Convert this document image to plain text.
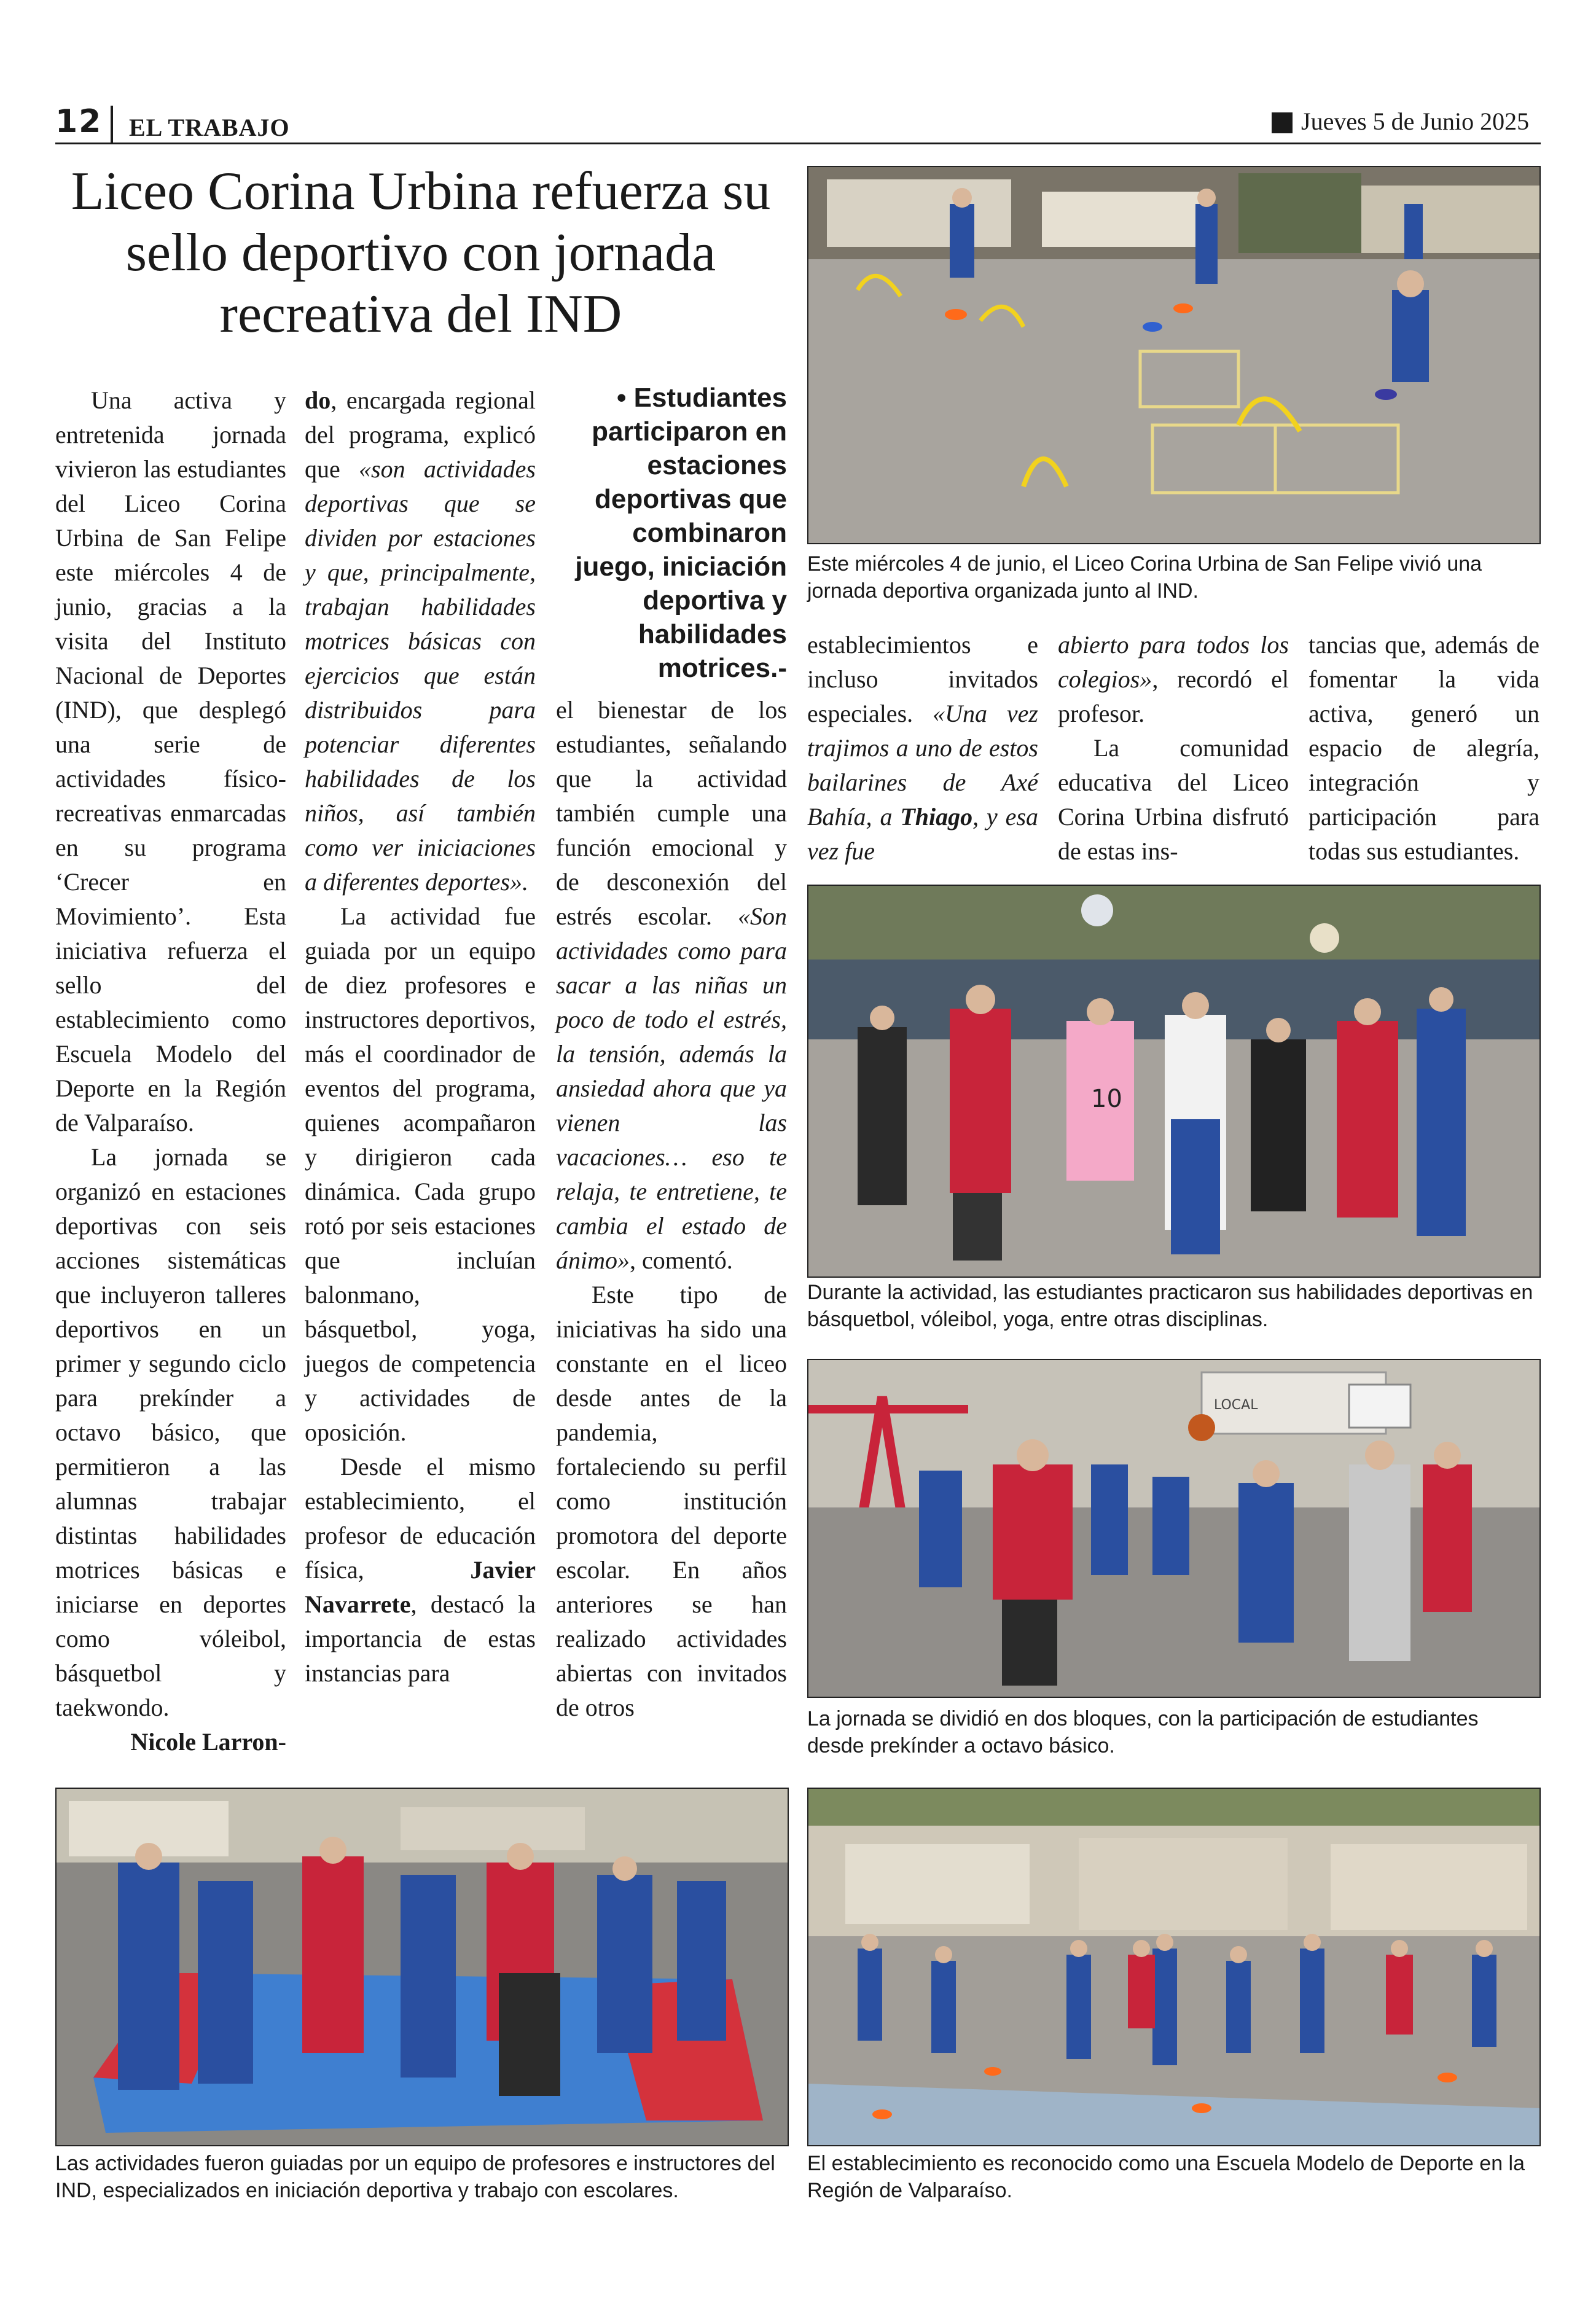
12 EL TRABAJO	Jueves 5 de Junio 2025
Liceo Corina Urbina refuerza su sello deportivo con jornada recreativa del IND

Una activa y entretenida jornada vivieron las estudiantes del Liceo Corina Urbina de San Felipe este miércoles 4 de junio, gracias a la visita del Instituto Nacional de Deportes (IND), que desplegó una serie de actividades físico-recreativas enmarcadas en su programa ‘Crecer en Movimiento’. Esta iniciativa refuerza el sello del establecimiento como Escuela Modelo del Deporte en la Región de Valparaíso.

La jornada se organizó en estaciones deportivas con seis acciones sistemáticas que incluyeron talleres deportivos en un primer y segundo ciclo para prekínder a octavo básico, que permitieron a las alumnas trabajar distintas habilidades motrices básicas e iniciarse en deportes como vóleibol, básquetbol y taekwondo.

Nicole Larron-

do, encargada regional del programa, explicó que «son actividades deportivas que se dividen por estaciones y que, principalmente, trabajan habilidades motrices básicas con ejercicios que están distribuidos para potenciar diferentes habilidades de los niños, así también como ver iniciaciones a diferentes deportes».

La actividad fue guiada por un equipo de diez profesores e instructores deportivos, más el coordinador de eventos del programa, quienes acompañaron y dirigieron cada dinámica. Cada grupo rotó por seis estaciones que incluían balonmano, básquetbol, yoga, juegos de competencia y actividades de oposición.

Desde el mismo establecimiento, el profesor de educación física, Javier Navarrete, destacó la importancia de estas instancias para

• Estudiantes participaron en estaciones deportivas que combinaron juego, iniciación deportiva y habilidades motrices.-

el bienestar de los estudiantes, señalando que la actividad también cumple una función emocional y de desconexión del estrés escolar. «Son actividades como para sacar a las niñas un poco de todo el estrés, la tensión, además la ansiedad ahora que ya vienen las vacaciones… eso te relaja, te entretiene, te cambia el estado de ánimo», comentó.

Este tipo de iniciativas ha sido una constante en el liceo desde antes de la pandemia, fortaleciendo su perfil como institución promotora del deporte escolar. En años anteriores se han realizado actividades abiertas con invitados de otros

establecimientos e incluso invitados especiales. «Una vez trajimos a uno de estos bailarines de Axé Bahía, a Thiago, y esa vez fue

abierto para todos los colegios», recordó el profesor.

La comunidad educativa del Liceo Corina Urbina disfrutó de estas ins-

tancias que, además de fomentar la vida activa, generó un espacio de alegría, integración y participación para todas sus estudiantes.

Este miércoles 4 de junio, el Liceo Corina Urbina de San Felipe vivió una jornada deportiva organizada junto al IND.
10
Durante la actividad, las estudiantes practicaron sus habilidades deportivas en básquetbol, vóleibol, yoga, entre otras disciplinas.
LOCAL
La jornada se dividió en dos bloques, con la participación de estudiantes desde prekínder a octavo básico.
Las actividades fueron guiadas por un equipo de profesores e instructores del IND, especializados en iniciación deportiva y trabajo con escolares.
El establecimiento es reconocido como una Escuela Modelo de Deporte en la Región de Valparaíso.
